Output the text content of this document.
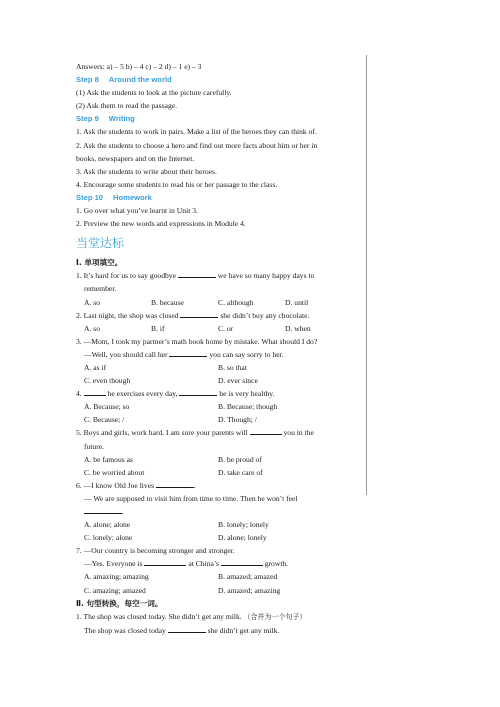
Answers: a) – 5 b) – 4 c) – 2 d) – 1 e) – 3
Step 8 Around the world
(1) Ask the students to look at the picture carefully.
(2) Ask them to read the passage.
Step 9 Writing
1. Ask the students to work in pairs. Make a list of the heroes they can think of.
2. Ask the students to choose a hero and find out more facts about him or her in
books, newspapers and on the Internet.
3. Ask the students to write about their heroes.
4. Encourage some students to read his or her passage to the class.
Step 10 Homework
1. Go over what you’ve learnt in Unit 3.
2. Preview the new words and expressions in Module 4.
当堂达标
Ⅰ. 单项填空。
1. It’s hard for us to say goodbye	we have so many happy days to
remember.
A. so	B. because	C. although	D. until
2. Last night, the shop was closed	she didn’t buy any chocolate.
A. so	B. if	C. or	D. when
3. —Mom, I took my partner’s math book home by mistake. What should I do?
—Well, you should call her	you can say sorry to her.
A. as if	B. so that
C. even though	D. ever since
4.	he exercises every day,	he is very healthy.
A. Because; so	B. Because; though
C. Because; /	D. Though; /
5. Boys and girls, work hard. I am sure your parents will	you in the
future.
A. be famous as	B. be proud of
C. be worried about	D. take care of
6. —I know Old Joe lives	.
— We are supposed to visit him from time to time. Then he won’t feel
.
A. alone; alone	B. lonely; lonely
C. lonely; alone	D. alone; lonely
7. —Our country is becoming stronger and stronger.
—Yes. Everyone is	at China’s	growth.
A. amazing; amazing	B. amazed; amazed
C. amazing; amazed	D. amazed; amazing
Ⅱ. 句型转换，每空一词。
1. The shop was closed today. She didn’t get any milk. （合并为一个句子）
The shop was closed today	she didn’t get any milk.
